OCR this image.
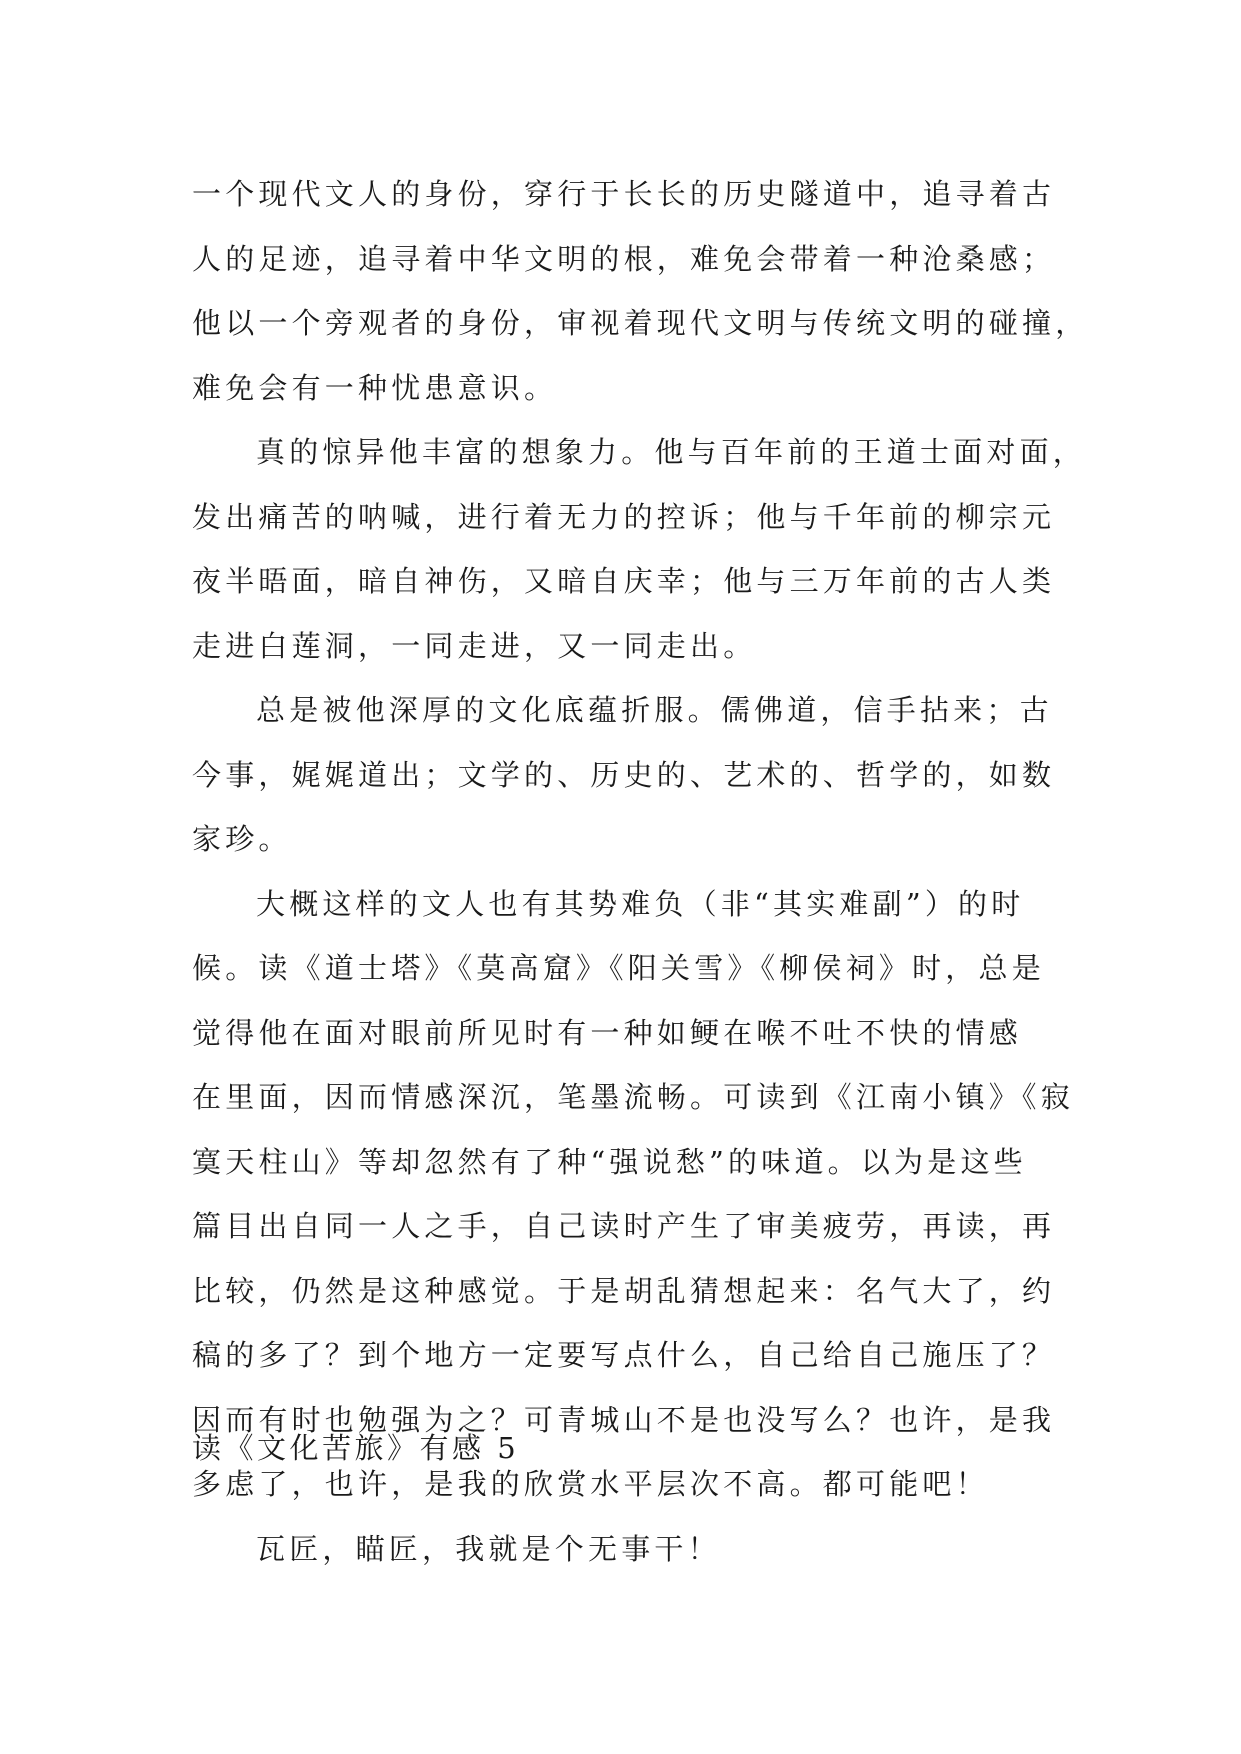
一个现代文人的身份，穿行于长长的历史隧道中，追寻着古
人的足迹，追寻着中华文明的根，难免会带着一种沧桑感；
他以一个旁观者的身份，审视着现代文明与传统文明的碰撞，
难免会有一种忧患意识。
真的惊异他丰富的想象力。他与百年前的王道士面对面，
发出痛苦的呐喊，进行着无力的控诉；他与千年前的柳宗元
夜半晤面，暗自神伤，又暗自庆幸；他与三万年前的古人类
走进白莲洞，一同走进，又一同走出。
总是被他深厚的文化底蕴折服。儒佛道，信手拈来；古
今事，娓娓道出；文学的、历史的、艺术的、哲学的，如数
家珍。
大概这样的文人也有其势难负（非“其实难副”）的时
候。读《道士塔》《莫高窟》《阳关雪》《柳侯祠》时，总是
觉得他在面对眼前所见时有一种如鲠在喉不吐不快的情感
在里面，因而情感深沉，笔墨流畅。可读到《江南小镇》《寂
寞天柱山》等却忽然有了种“强说愁”的味道。以为是这些
篇目出自同一人之手，自己读时产生了审美疲劳，再读，再
比较，仍然是这种感觉。于是胡乱猜想起来：名气大了，约
稿的多了？到个地方一定要写点什么，自己给自己施压了？
因而有时也勉强为之？可青城山不是也没写么？也许，是我
多虑了，也许，是我的欣赏水平层次不高。都可能吧！
瓦匠，瞄匠，我就是个无事干！
读《文化苦旅》有感 5
